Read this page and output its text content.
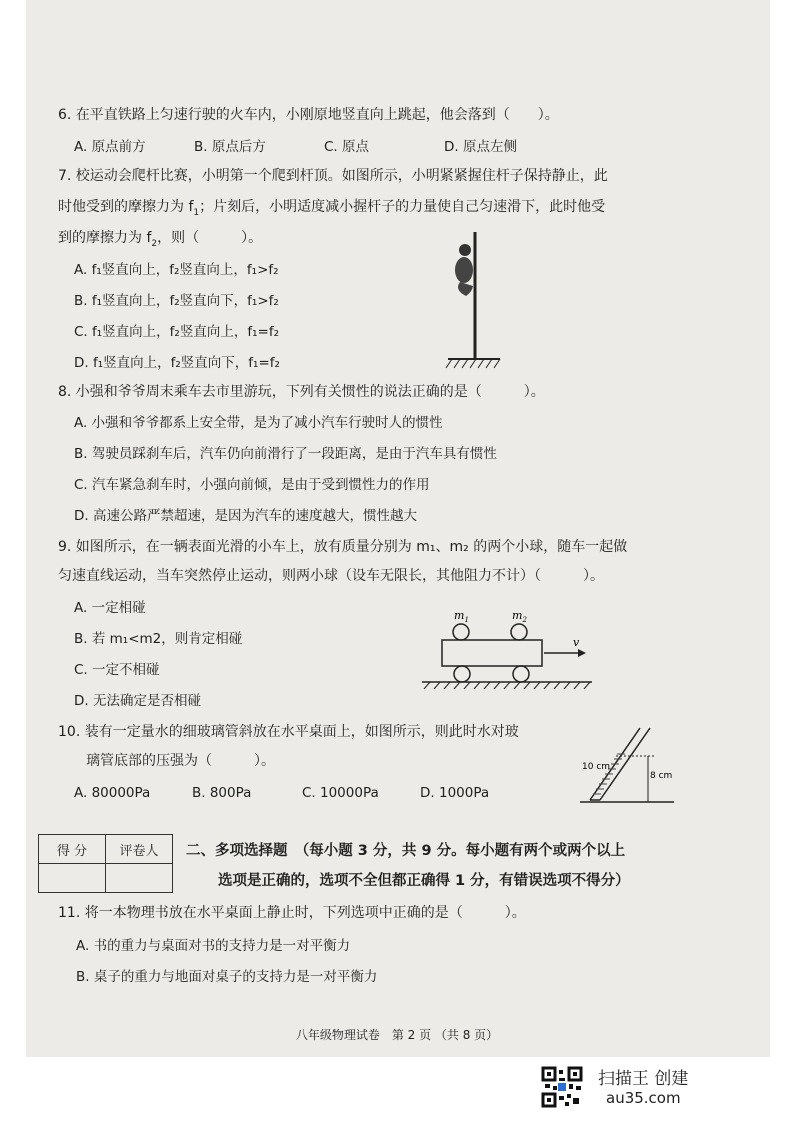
6. 在平直铁路上匀速行驶的火车内，小刚原地竖直向上跳起，他会落到（　　）。
A. 原点前方	B. 原点后方	C. 原点	D. 原点左侧
7. 校运动会爬杆比赛，小明第一个爬到杆顶。如图所示，小明紧紧握住杆子保持静止，此
时他受到的摩擦力为 $f_1$；片刻后，小明适度减小握杆子的力量使自己匀速滑下，此时他受
到的摩擦力为 $f_2$，则（　　　）。
A. f₁竖直向上，f₂竖直向上，f₁>f₂
B. f₁竖直向上，f₂竖直向下，f₁>f₂
C. f₁竖直向上，f₂竖直向上，f₁=f₂
D. f₁竖直向上，f₂竖直向下，f₁=f₂
8. 小强和爷爷周末乘车去市里游玩，下列有关惯性的说法正确的是（　　　）。
A. 小强和爷爷都系上安全带，是为了减小汽车行驶时人的惯性
B. 驾驶员踩刹车后，汽车仍向前滑行了一段距离，是由于汽车具有惯性
C. 汽车紧急刹车时，小强向前倾，是由于受到惯性力的作用
D. 高速公路严禁超速，是因为汽车的速度越大，惯性越大
9. 如图所示，在一辆表面光滑的小车上，放有质量分别为 m₁、m₂ 的两个小球，随车一起做
匀速直线运动，当车突然停止运动，则两小球（设车无限长，其他阻力不计）（　　　）。
A. 一定相碰
B. 若 m₁<m2，则肯定相碰
C. 一定不相碰
D. 无法确定是否相碰
$m_1$	$m_2$
v
10. 装有一定量水的细玻璃管斜放在水平桌面上，如图所示，则此时水对玻
璃管底部的压强为（　　　）。
A. 80000Pa	B. 800Pa	C. 10000Pa	D. 1000Pa
10 cm
8 cm
得 分	评卷人
	二、多项选择题　（每小题 3 分，共 9 分。每小题有两个或两个以上
选项是正确的，选项不全但都正确得 1 分，有错误选项不得分）
11. 将一本物理书放在水平桌面上静止时，下列选项中正确的是（　　　）。
A. 书的重力与桌面对书的支持力是一对平衡力
B. 桌子的重力与地面对桌子的支持力是一对平衡力
八年级物理试卷　第 2 页 （共 8 页）
扫描王 创建
au35.com
